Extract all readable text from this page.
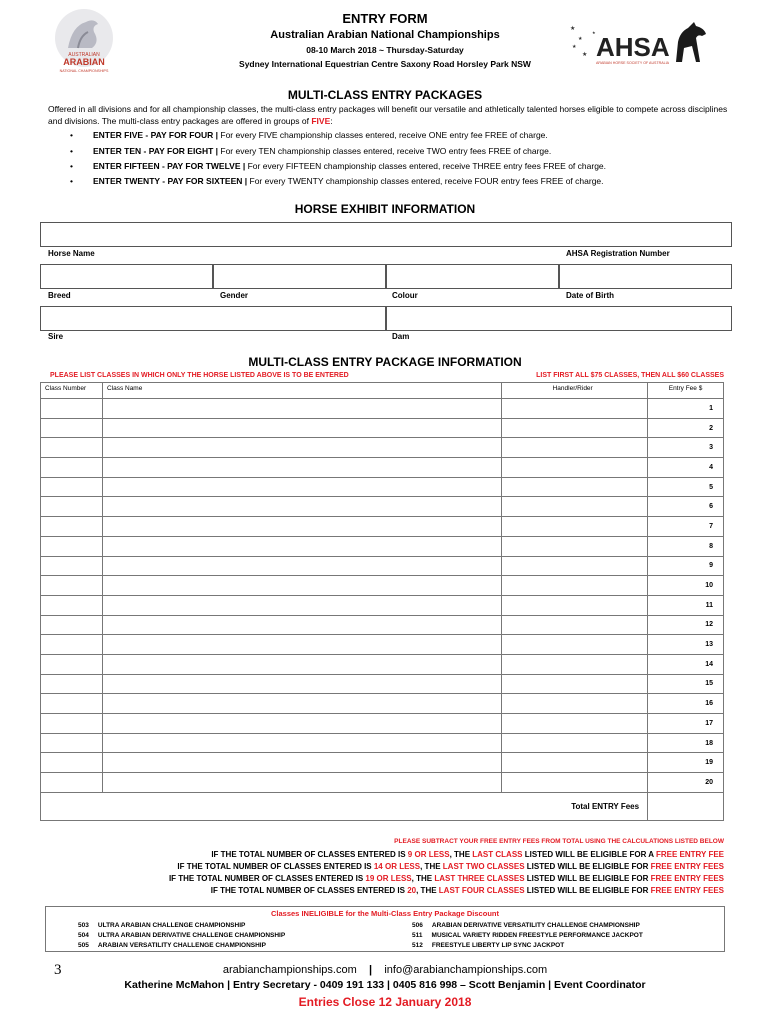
AUSTRALIAN
ARABIAN
NATIONAL CHAMPIONSHIPS
★
★
★
★
★ AHSA
ARABIAN HORSE SOCIETY OF AUSTRALIA
ENTRY FORM
Australian Arabian National Championships
08-10 March 2018 ~ Thursday-Saturday
Sydney International Equestrian Centre Saxony Road Horsley Park NSW
MULTI-CLASS ENTRY PACKAGES
Offered in all divisions and for all championship classes, the multi-class entry packages will benefit our versatile and athletically talented horses eligible to compete across disciplines and divisions. The multi-class entry packages are offered in groups of FIVE:
• ENTER FIVE - PAY FOR FOUR | For every FIVE championship classes entered, receive ONE entry fee FREE of charge.
• ENTER TEN - PAY FOR EIGHT | For every TEN championship classes entered, receive TWO entry fees FREE of charge.
• ENTER FIFTEEN - PAY FOR TWELVE | For every FIFTEEN championship classes entered, receive THREE entry fees FREE of charge.
• ENTER TWENTY - PAY FOR SIXTEEN | For every TWENTY championship classes entered, receive FOUR entry fees FREE of charge.
HORSE EXHIBIT INFORMATION
Horse Name	AHSA Registration Number
Breed	Gender	Colour	Date of Birth
Sire	Dam
MULTI-CLASS ENTRY PACKAGE INFORMATION
PLEASE LIST CLASSES IN WHICH ONLY THE HORSE LISTED ABOVE IS TO BE ENTERED	LIST FIRST ALL $75 CLASSES, THEN ALL $60 CLASSES
Class Number	Class Name	Handler/Rider	Entry Fee $
			1
			2
			3
			4
			5
			6
			7
			8
			9
			10
			11
			12
			13
			14
			15
			16
			17
			18
			19
			20
Total ENTRY Fees			
PLEASE SUBTRACT YOUR FREE ENTRY FEES FROM TOTAL USING THE CALCULATIONS LISTED BELOW
IF THE TOTAL NUMBER OF CLASSES ENTERED IS 9 OR LESS, THE LAST CLASS LISTED WILL BE ELIGIBLE FOR A FREE ENTRY FEE
IF THE TOTAL NUMBER OF CLASSES ENTERED IS 14 OR LESS, THE LAST TWO CLASSES LISTED WILL BE ELIGIBLE FOR FREE ENTRY FEES
IF THE TOTAL NUMBER OF CLASSES ENTERED IS 19 OR LESS, THE LAST THREE CLASSES LISTED WILL BE ELIGIBLE FOR FREE ENTRY FEES
IF THE TOTAL NUMBER OF CLASSES ENTERED IS 20, THE LAST FOUR CLASSES LISTED WILL BE ELIGIBLE FOR FREE ENTRY FEES
Classes INELIGIBLE for the Multi-Class Entry Package Discount
503 ULTRA ARABIAN CHALLENGE CHAMPIONSHIP
504 ULTRA ARABIAN DERIVATIVE CHALLENGE CHAMPIONSHIP
505 ARABIAN VERSATILITY CHALLENGE CHAMPIONSHIP
506 ARABIAN DERIVATIVE VERSATILITY CHALLENGE CHAMPIONSHIP
511 MUSICAL VARIETY RIDDEN FREESTYLE PERFORMANCE JACKPOT
512 FREESTYLE LIBERTY LIP SYNC JACKPOT
3	arabianchampionships.com | info@arabianchampionships.com
Katherine McMahon | Entry Secretary - 0409 191 133 | 0405 816 998 – Scott Benjamin | Event Coordinator
Entries Close 12 January 2018
